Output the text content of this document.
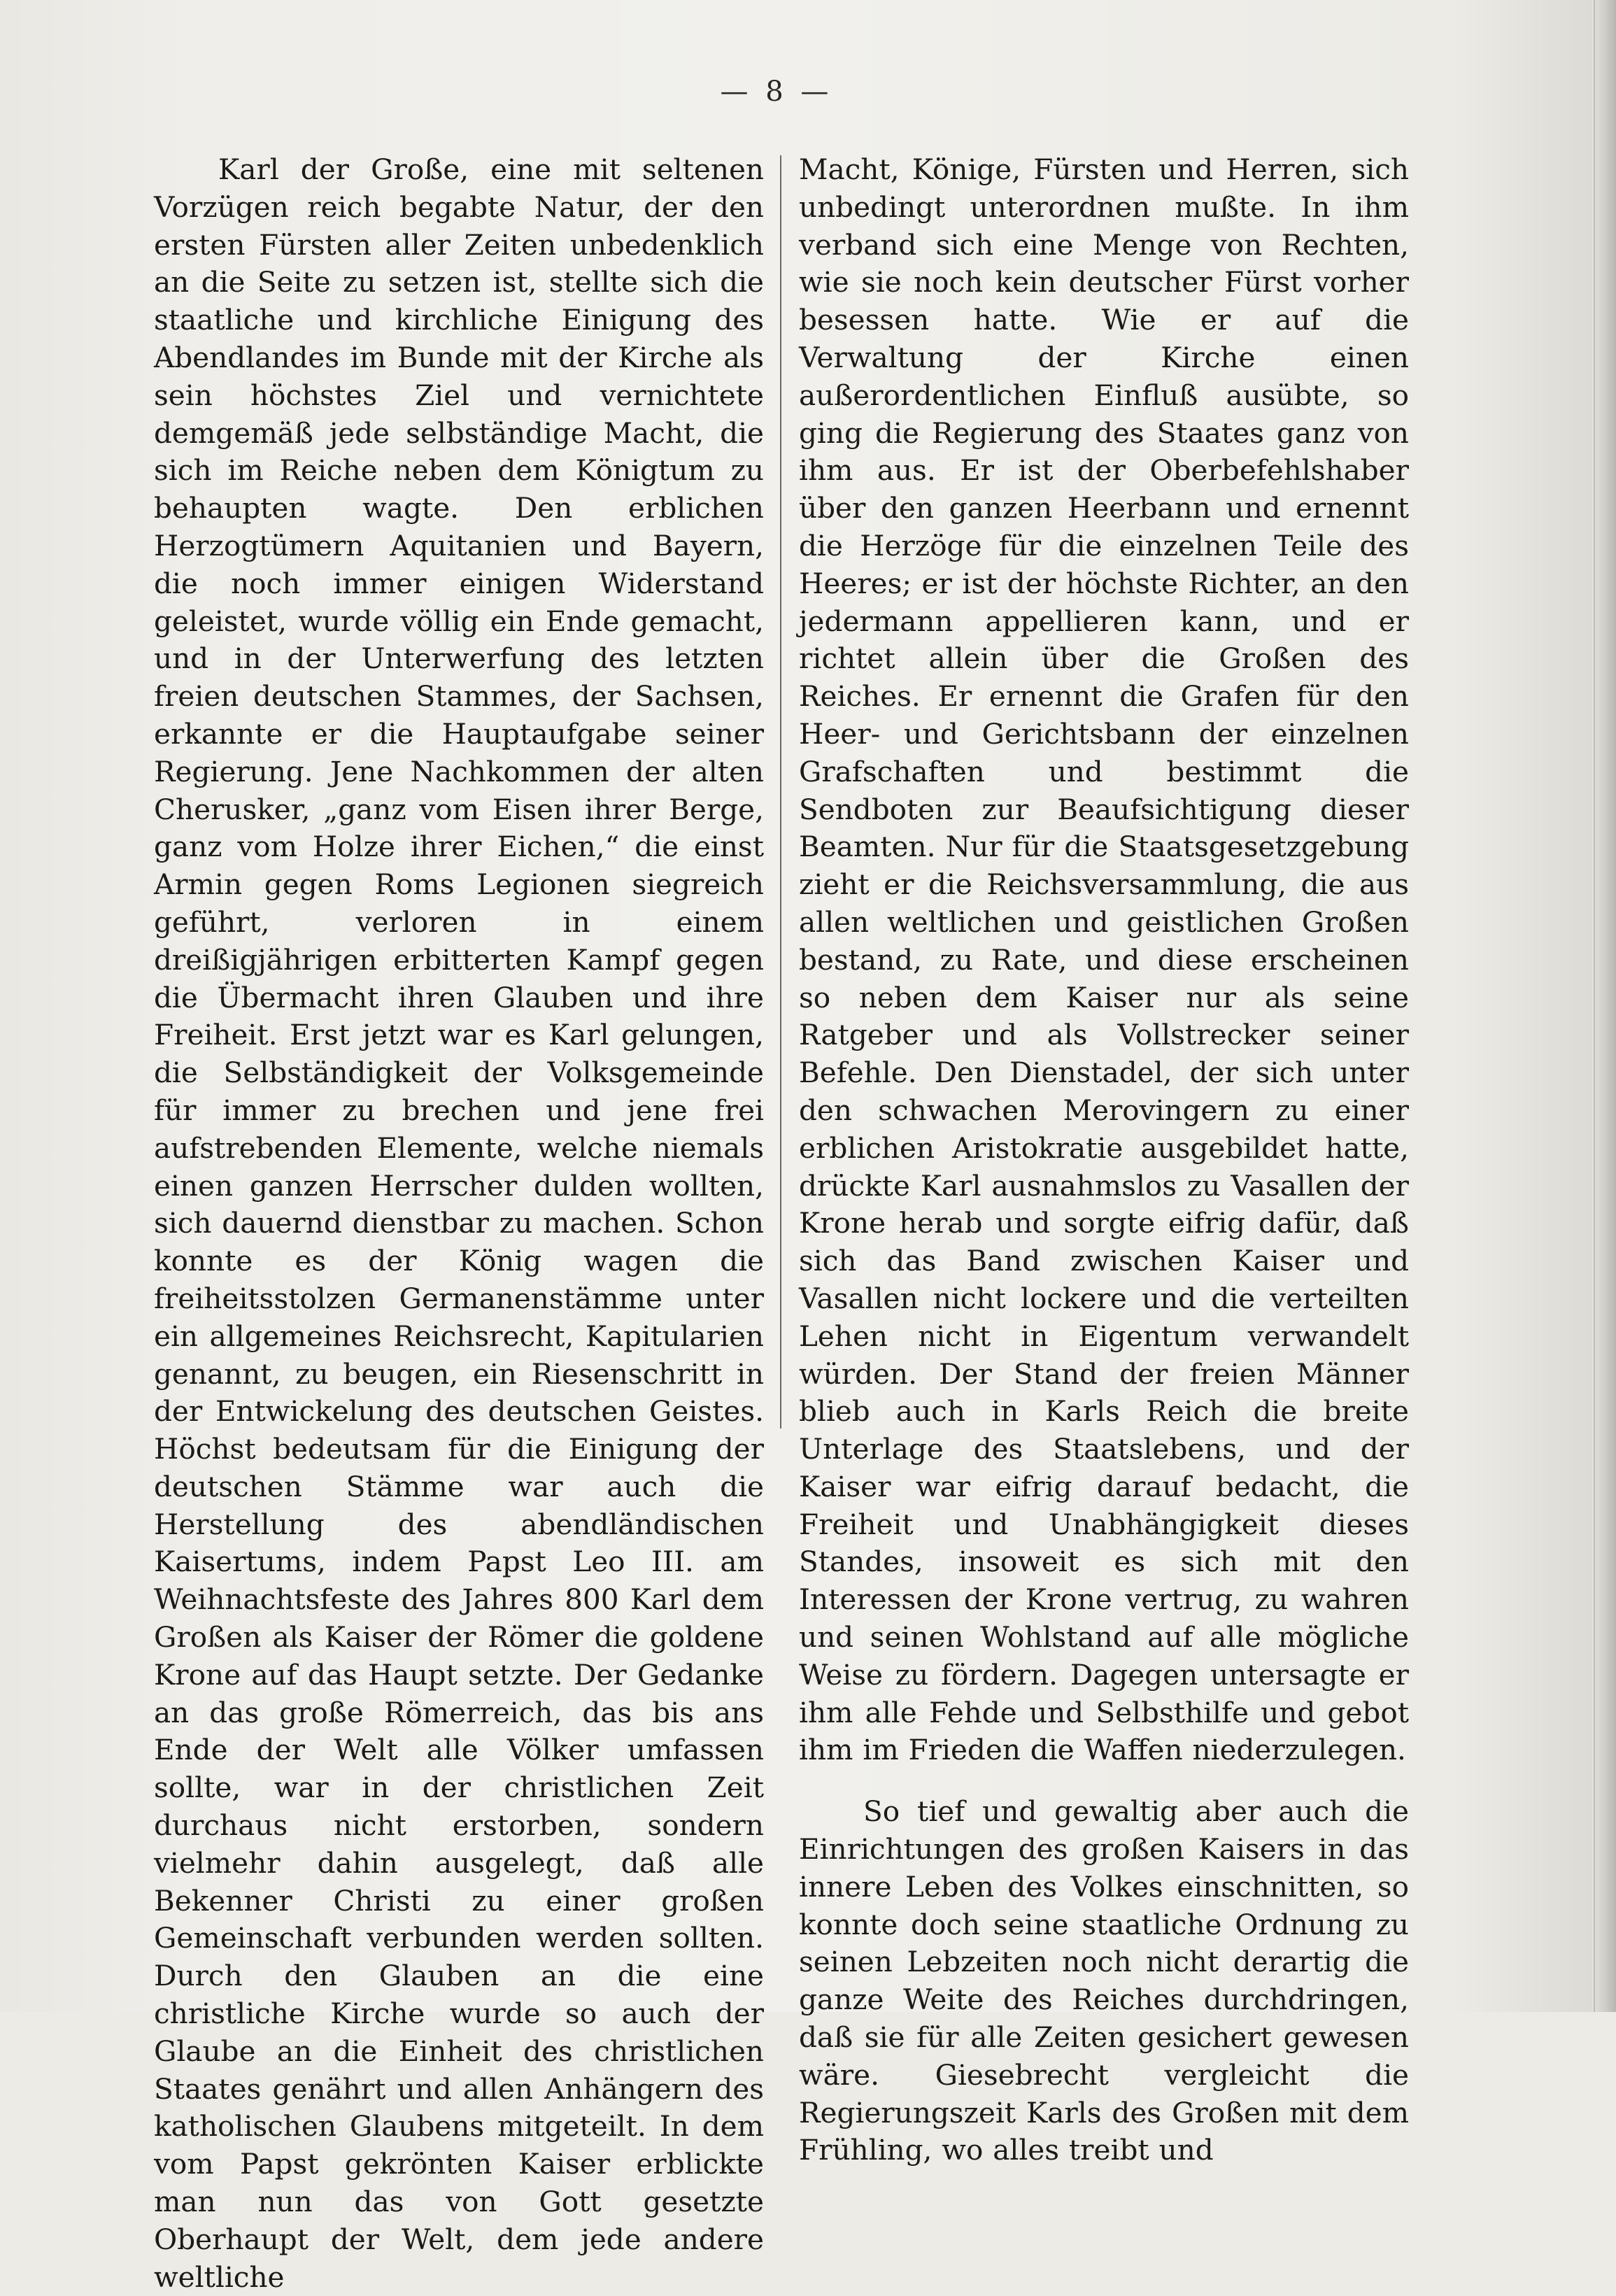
— 8 —

Karl der Große, eine mit seltenen Vorzügen reich begabte Natur, der den ersten Fürsten aller Zeiten unbedenklich an die Seite zu setzen ist, stellte sich die staatliche und kirchliche Einigung des Abendlandes im Bunde mit der Kirche als sein höchstes Ziel und vernichtete demgemäß jede selbständige Macht, die sich im Reiche neben dem Königtum zu behaupten wagte. Den erblichen Herzogtümern Aquitanien und Bayern, die noch immer einigen Widerstand geleistet, wurde völlig ein Ende gemacht, und in der Unterwerfung des letzten freien deutschen Stammes, der Sachsen, erkannte er die Hauptaufgabe seiner Regierung. Jene Nachkommen der alten Cherusker, „ganz vom Eisen ihrer Berge, ganz vom Holze ihrer Eichen,“ die einst Armin gegen Roms Legionen siegreich geführt, verloren in einem dreißigjährigen erbitterten Kampf gegen die Übermacht ihren Glauben und ihre Freiheit. Erst jetzt war es Karl gelungen, die Selbständigkeit der Volksgemeinde für immer zu brechen und jene frei aufstrebenden Elemente, welche niemals einen ganzen Herrscher dulden wollten, sich dauernd dienstbar zu machen. Schon konnte es der König wagen die freiheitsstolzen Germanenstämme unter ein allgemeines Reichsrecht, Kapitularien genannt, zu beugen, ein Riesenschritt in der Entwickelung des deutschen Geistes. Höchst bedeutsam für die Einigung der deutschen Stämme war auch die Herstellung des abendländischen Kaisertums, indem Papst Leo III. am Weihnachtsfeste des Jahres 800 Karl dem Großen als Kaiser der Römer die goldene Krone auf das Haupt setzte. Der Gedanke an das große Römerreich, das bis ans Ende der Welt alle Völker umfassen sollte, war in der christlichen Zeit durchaus nicht erstorben, sondern vielmehr dahin ausgelegt, daß alle Bekenner Christi zu einer großen Gemeinschaft verbunden werden sollten. Durch den Glauben an die eine christliche Kirche wurde so auch der Glaube an die Einheit des christlichen Staates genährt und allen Anhängern des katholischen Glaubens mitgeteilt. In dem vom Papst gekrönten Kaiser erblickte man nun das von Gott gesetzte Oberhaupt der Welt, dem jede andere weltliche

Macht, Könige, Fürsten und Herren, sich unbedingt unterordnen mußte. In ihm verband sich eine Menge von Rechten, wie sie noch kein deutscher Fürst vorher besessen hatte. Wie er auf die Verwaltung der Kirche einen außerordentlichen Einfluß ausübte, so ging die Regierung des Staates ganz von ihm aus. Er ist der Oberbefehlshaber über den ganzen Heerbann und ernennt die Herzöge für die einzelnen Teile des Heeres; er ist der höchste Richter, an den jedermann appellieren kann, und er richtet allein über die Großen des Reiches. Er ernennt die Grafen für den Heer- und Gerichtsbann der einzelnen Grafschaften und bestimmt die Sendboten zur Beaufsichtigung dieser Beamten. Nur für die Staatsgesetzgebung zieht er die Reichsversammlung, die aus allen weltlichen und geistlichen Großen bestand, zu Rate, und diese erscheinen so neben dem Kaiser nur als seine Ratgeber und als Vollstrecker seiner Befehle. Den Dienstadel, der sich unter den schwachen Merovingern zu einer erblichen Aristokratie ausgebildet hatte, drückte Karl ausnahmslos zu Vasallen der Krone herab und sorgte eifrig dafür, daß sich das Band zwischen Kaiser und Vasallen nicht lockere und die verteilten Lehen nicht in Eigentum verwandelt würden. Der Stand der freien Männer blieb auch in Karls Reich die breite Unterlage des Staatslebens, und der Kaiser war eifrig darauf bedacht, die Freiheit und Unabhängigkeit dieses Standes, insoweit es sich mit den Interessen der Krone vertrug, zu wahren und seinen Wohlstand auf alle mögliche Weise zu fördern. Dagegen untersagte er ihm alle Fehde und Selbsthilfe und gebot ihm im Frieden die Waffen niederzulegen.

So tief und gewaltig aber auch die Einrichtungen des großen Kaisers in das innere Leben des Volkes einschnitten, so konnte doch seine staatliche Ordnung zu seinen Lebzeiten noch nicht derartig die ganze Weite des Reiches durchdringen, daß sie für alle Zeiten gesichert gewesen wäre. Giesebrecht vergleicht die Regierungszeit Karls des Großen mit dem Frühling, wo alles treibt und
